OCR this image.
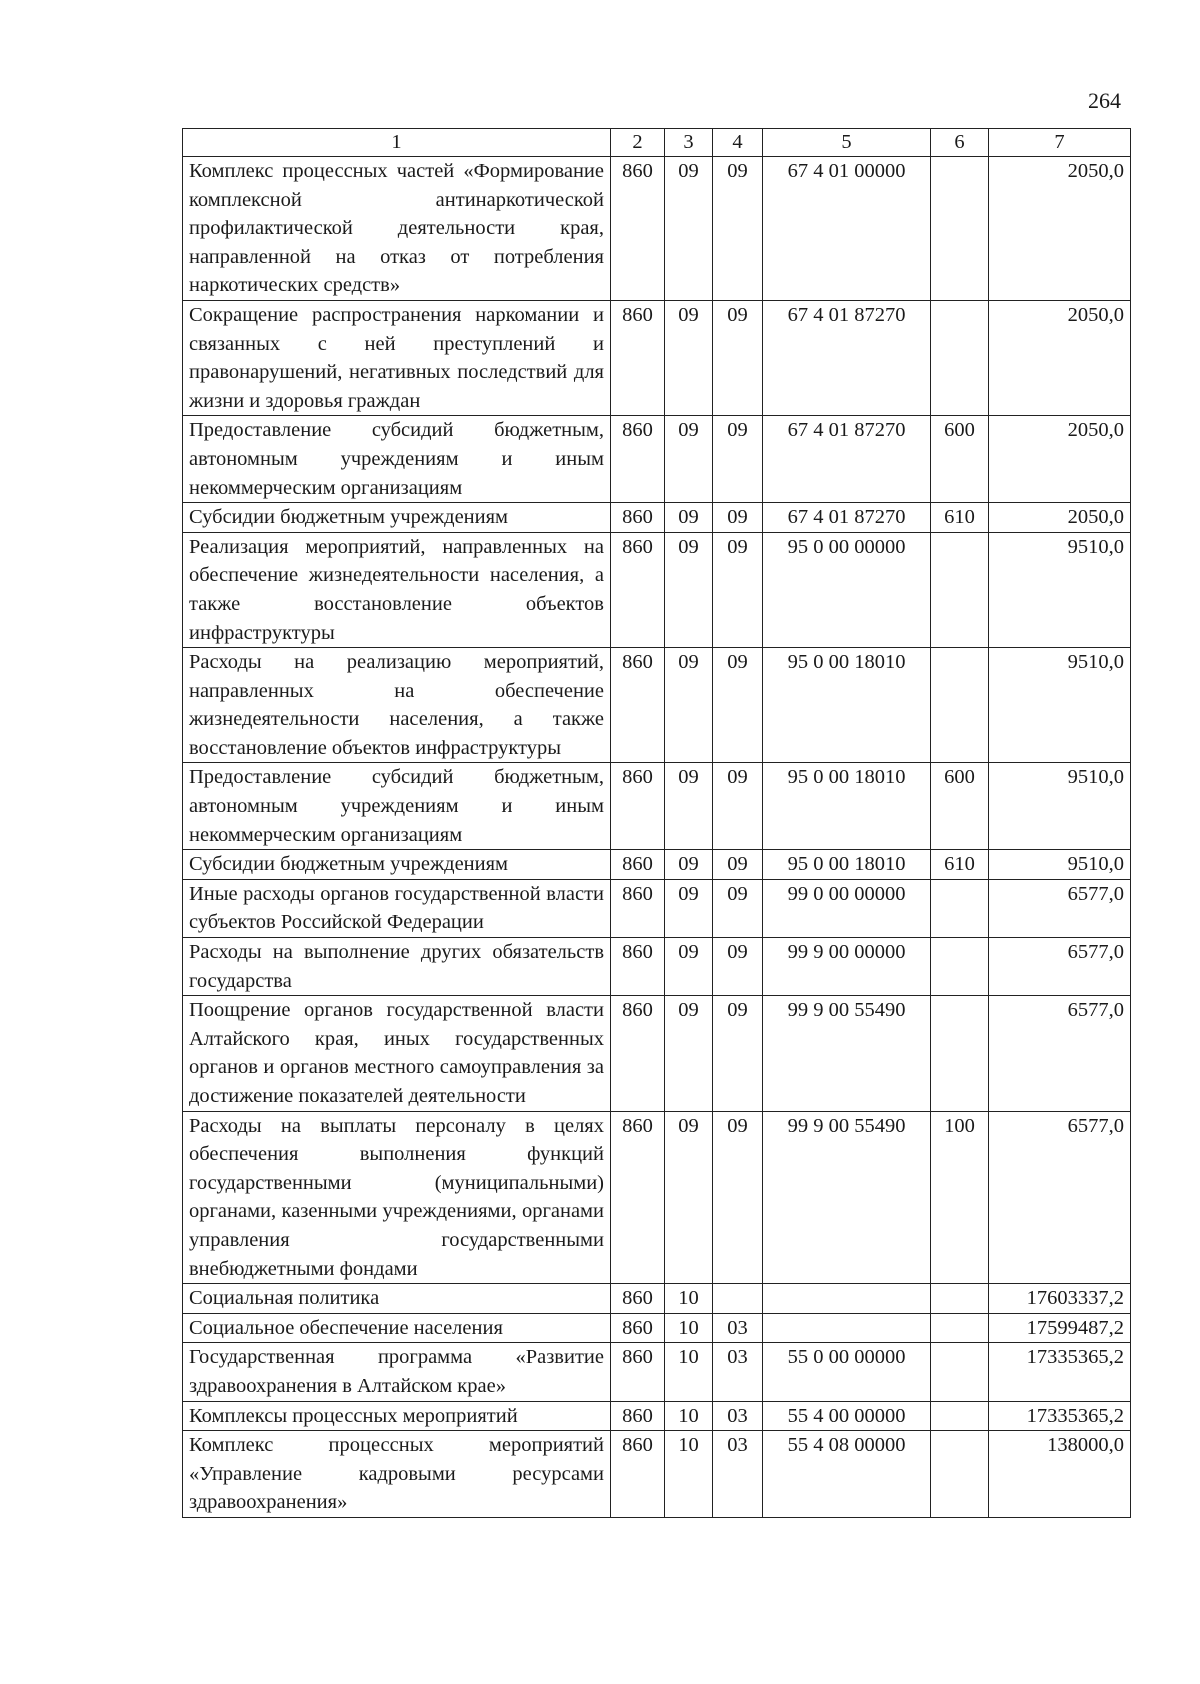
264
1	2	3	4	5	6	7
Комплекс процессных частей «Формирование комплексной антинаркотической профилактической деятельности края, направленной на отказ от потребления наркотических средств»	860	09	09	67 4 01 00000		2050,0
Сокращение распространения наркомании и связанных с ней преступлений и правонарушений, негативных последствий для жизни и здоровья граждан	860	09	09	67 4 01 87270		2050,0
Предоставление субсидий бюджетным, автономным учреждениям и иным некоммерческим организациям	860	09	09	67 4 01 87270	600	2050,0
Субсидии бюджетным учреждениям	860	09	09	67 4 01 87270	610	2050,0
Реализация мероприятий, направленных на обеспечение жизнедеятельности населения, а также восстановление объектов инфраструктуры	860	09	09	95 0 00 00000		9510,0
Расходы на реализацию мероприятий, направленных на обеспечение жизнедеятельности населения, а также восстановление объектов инфраструктуры	860	09	09	95 0 00 18010		9510,0
Предоставление субсидий бюджетным, автономным учреждениям и иным некоммерческим организациям	860	09	09	95 0 00 18010	600	9510,0
Субсидии бюджетным учреждениям	860	09	09	95 0 00 18010	610	9510,0
Иные расходы органов государственной власти субъектов Российской Федерации	860	09	09	99 0 00 00000		6577,0
Расходы на выполнение других обязательств государства	860	09	09	99 9 00 00000		6577,0
Поощрение органов государственной власти Алтайского края, иных государственных органов и органов местного самоуправления за достижение показателей деятельности	860	09	09	99 9 00 55490		6577,0
Расходы на выплаты персоналу в целях обеспечения выполнения функций государственными (муниципальными) органами, казенными учреждениями, органами управления государственными внебюджетными фондами	860	09	09	99 9 00 55490	100	6577,0
Социальная политика	860	10				17603337,2
Социальное обеспечение населения	860	10	03			17599487,2
Государственная программа «Развитие здравоохранения в Алтайском крае»	860	10	03	55 0 00 00000		17335365,2
Комплексы процессных мероприятий	860	10	03	55 4 00 00000		17335365,2
Комплекс процессных мероприятий «Управление кадровыми ресурсами здравоохранения»	860	10	03	55 4 08 00000		138000,0
